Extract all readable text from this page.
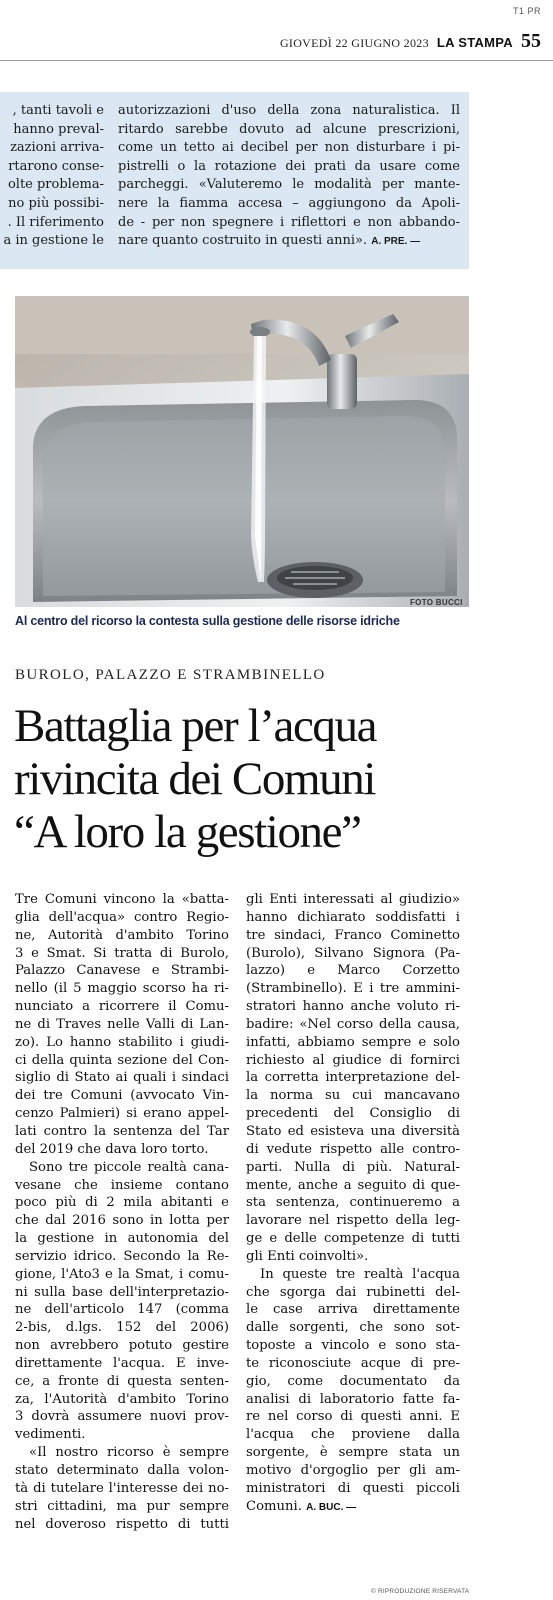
T1 PR
GIOVEDÌ 22 GIUGNO 2023 LA STAMPA 55
, tanti tavoli e
hanno preval-
zazioni arriva-
rtarono conse-
olte problema-
no più possibi-
. Il riferimento
a in gestione le
autorizzazioni d'uso della zona naturalistica. Il
ritardo sarebbe dovuto ad alcune prescrizioni,
come un tetto ai decibel per non disturbare i pi-
pistrelli o la rotazione dei prati da usare come
parcheggi. «Valuteremo le modalità per mante-
nere la fiamma accesa – aggiungono da Apoli-
de - per non spegnere i riflettori e non abbando-
nare quanto costruito in questi anni». A. PRE. —
FOTO BUCCI
Al centro del ricorso la contesta sulla gestione delle risorse idriche
BUROLO, PALAZZO E STRAMBINELLO
Battaglia per l’acqua
rivincita dei Comuni
“A loro la gestione”
Tre Comuni vincono la «batta-
glia dell'acqua» contro Regio-
ne, Autorità d'ambito Torino
3 e Smat. Si tratta di Burolo,
Palazzo Canavese e Strambi-
nello (il 5 maggio scorso ha ri-
nunciato a ricorrere il Comu-
ne di Traves nelle Valli di Lan-
zo). Lo hanno stabilito i giudi-
ci della quinta sezione del Con-
siglio di Stato ai quali i sindaci
dei tre Comuni (avvocato Vin-
cenzo Palmieri) si erano appel-
lati contro la sentenza del Tar
del 2019 che dava loro torto.
Sono tre piccole realtà cana-
vesane che insieme contano
poco più di 2 mila abitanti e
che dal 2016 sono in lotta per
la gestione in autonomia del
servizio idrico. Secondo la Re-
gione, l'Ato3 e la Smat, i comu-
ni sulla base dell'interpretazio-
ne dell'articolo 147 (comma
2-bis, d.lgs. 152 del 2006)
non avrebbero potuto gestire
direttamente l'acqua. E inve-
ce, a fronte di questa senten-
za, l'Autorità d'ambito Torino
3 dovrà assumere nuovi prov-
vedimenti.
«Il nostro ricorso è sempre
stato determinato dalla volon-
tà di tutelare l'interesse dei no-
stri cittadini, ma pur sempre
nel doveroso rispetto di tutti
gli Enti interessati al giudizio»
hanno dichiarato soddisfatti i
tre sindaci, Franco Cominetto
(Burolo), Silvano Signora (Pa-
lazzo) e Marco Corzetto
(Strambinello). E i tre ammini-
stratori hanno anche voluto ri-
badire: «Nel corso della causa,
infatti, abbiamo sempre e solo
richiesto al giudice di fornirci
la corretta interpretazione del-
la norma su cui mancavano
precedenti del Consiglio di
Stato ed esisteva una diversità
di vedute rispetto alle contro-
parti. Nulla di più. Natural-
mente, anche a seguito di que-
sta sentenza, continueremo a
lavorare nel rispetto della leg-
ge e delle competenze di tutti
gli Enti coinvolti».
In queste tre realtà l'acqua
che sgorga dai rubinetti del-
le case arriva direttamente
dalle sorgenti, che sono sot-
toposte a vincolo e sono sta-
te riconosciute acque di pre-
gio, come documentato da
analisi di laboratorio fatte fa-
re nel corso di questi anni. E
l'acqua che proviene dalla
sorgente, è sempre stata un
motivo d'orgoglio per gli am-
ministratori di questi piccoli
Comuni. A. BUC. —
© RIPRODUZIONE RISERVATA
